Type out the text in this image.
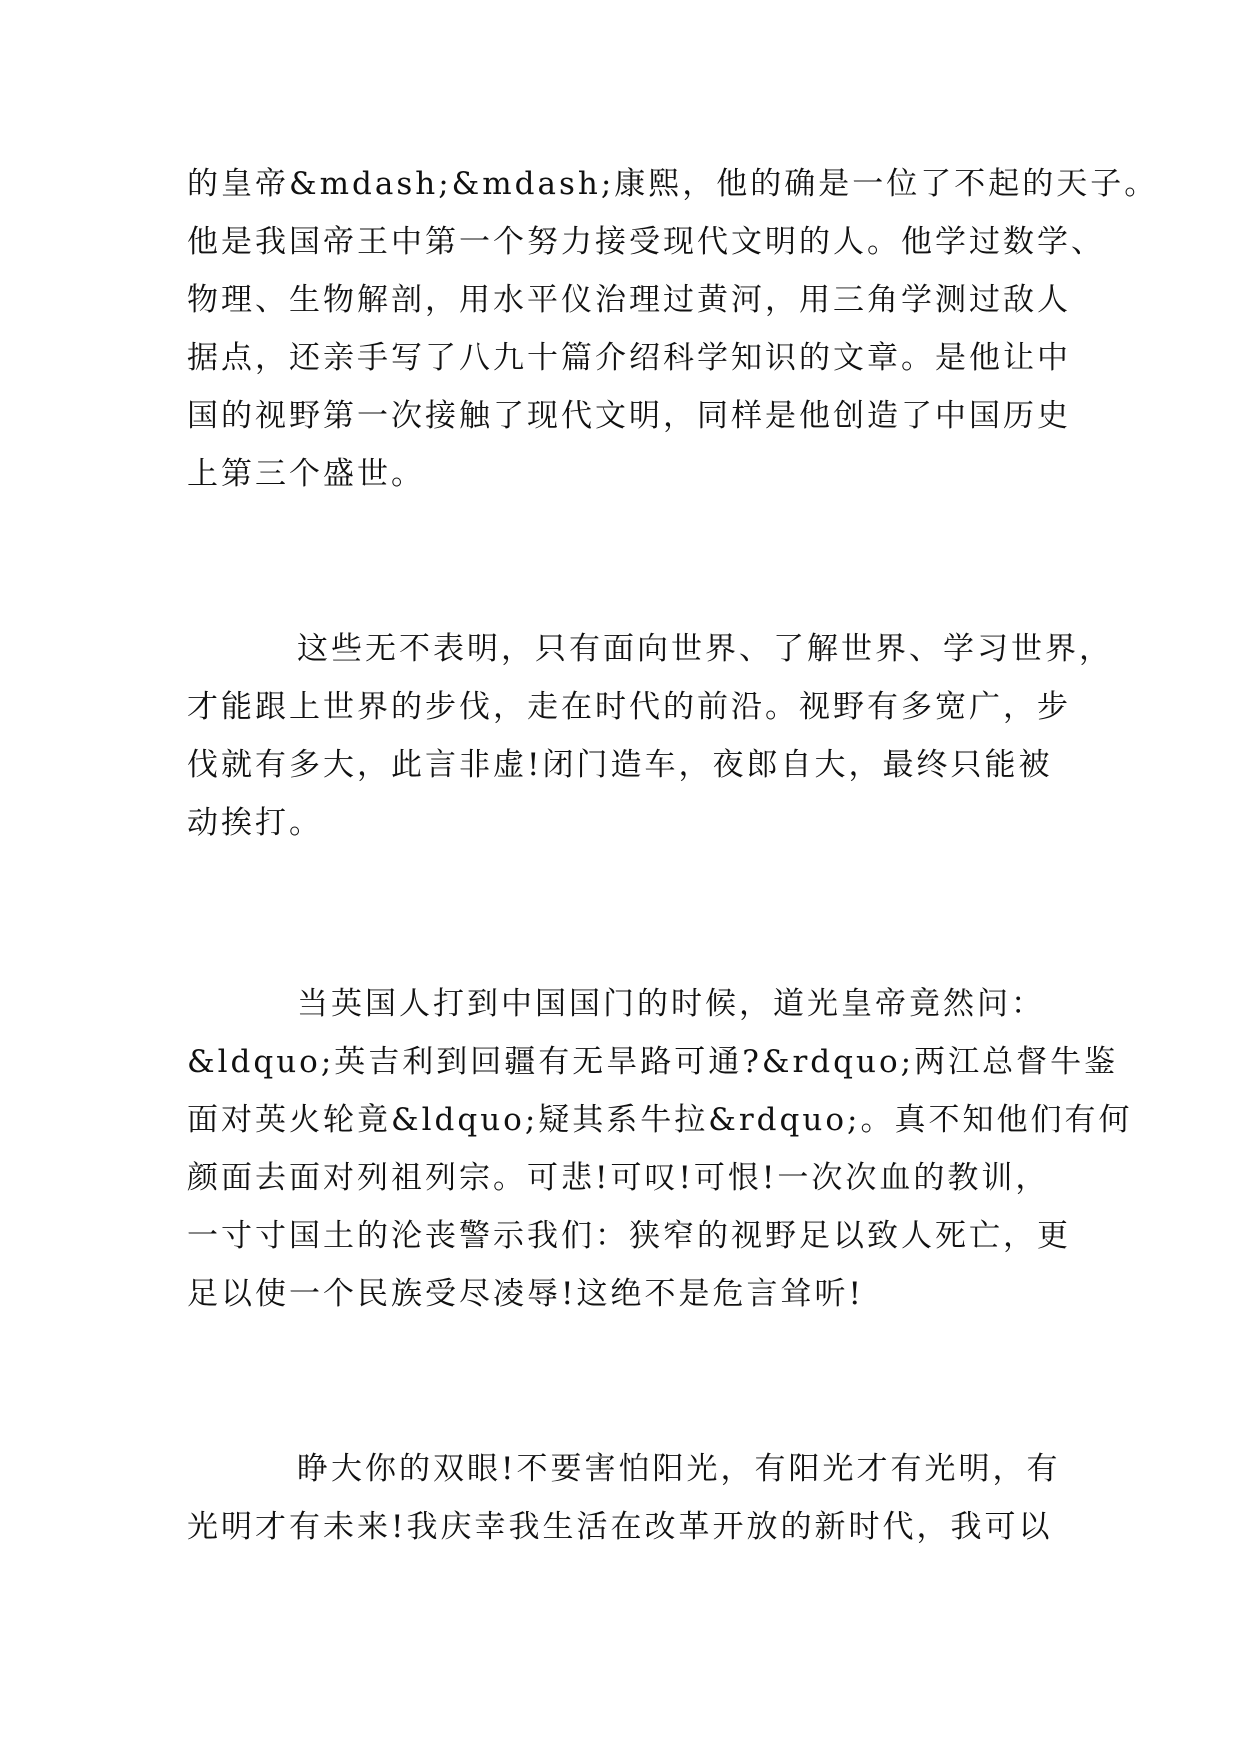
的皇帝&mdash;&mdash;康熙，他的确是一位了不起的天子。
他是我国帝王中第一个努力接受现代文明的人。他学过数学、
物理、生物解剖，用水平仪治理过黄河，用三角学测过敌人
据点，还亲手写了八九十篇介绍科学知识的文章。是他让中
国的视野第一次接触了现代文明，同样是他创造了中国历史
上第三个盛世。
这些无不表明，只有面向世界、了解世界、学习世界，
才能跟上世界的步伐，走在时代的前沿。视野有多宽广，步
伐就有多大，此言非虚!闭门造车，夜郎自大，最终只能被
动挨打。
当英国人打到中国国门的时候，道光皇帝竟然问：
&ldquo;英吉利到回疆有无旱路可通?&rdquo;两江总督牛鉴
面对英火轮竟&ldquo;疑其系牛拉&rdquo;。真不知他们有何
颜面去面对列祖列宗。可悲!可叹!可恨!一次次血的教训，
一寸寸国土的沦丧警示我们：狭窄的视野足以致人死亡，更
足以使一个民族受尽凌辱!这绝不是危言耸听!
睁大你的双眼!不要害怕阳光，有阳光才有光明，有
光明才有未来!我庆幸我生活在改革开放的新时代，我可以
